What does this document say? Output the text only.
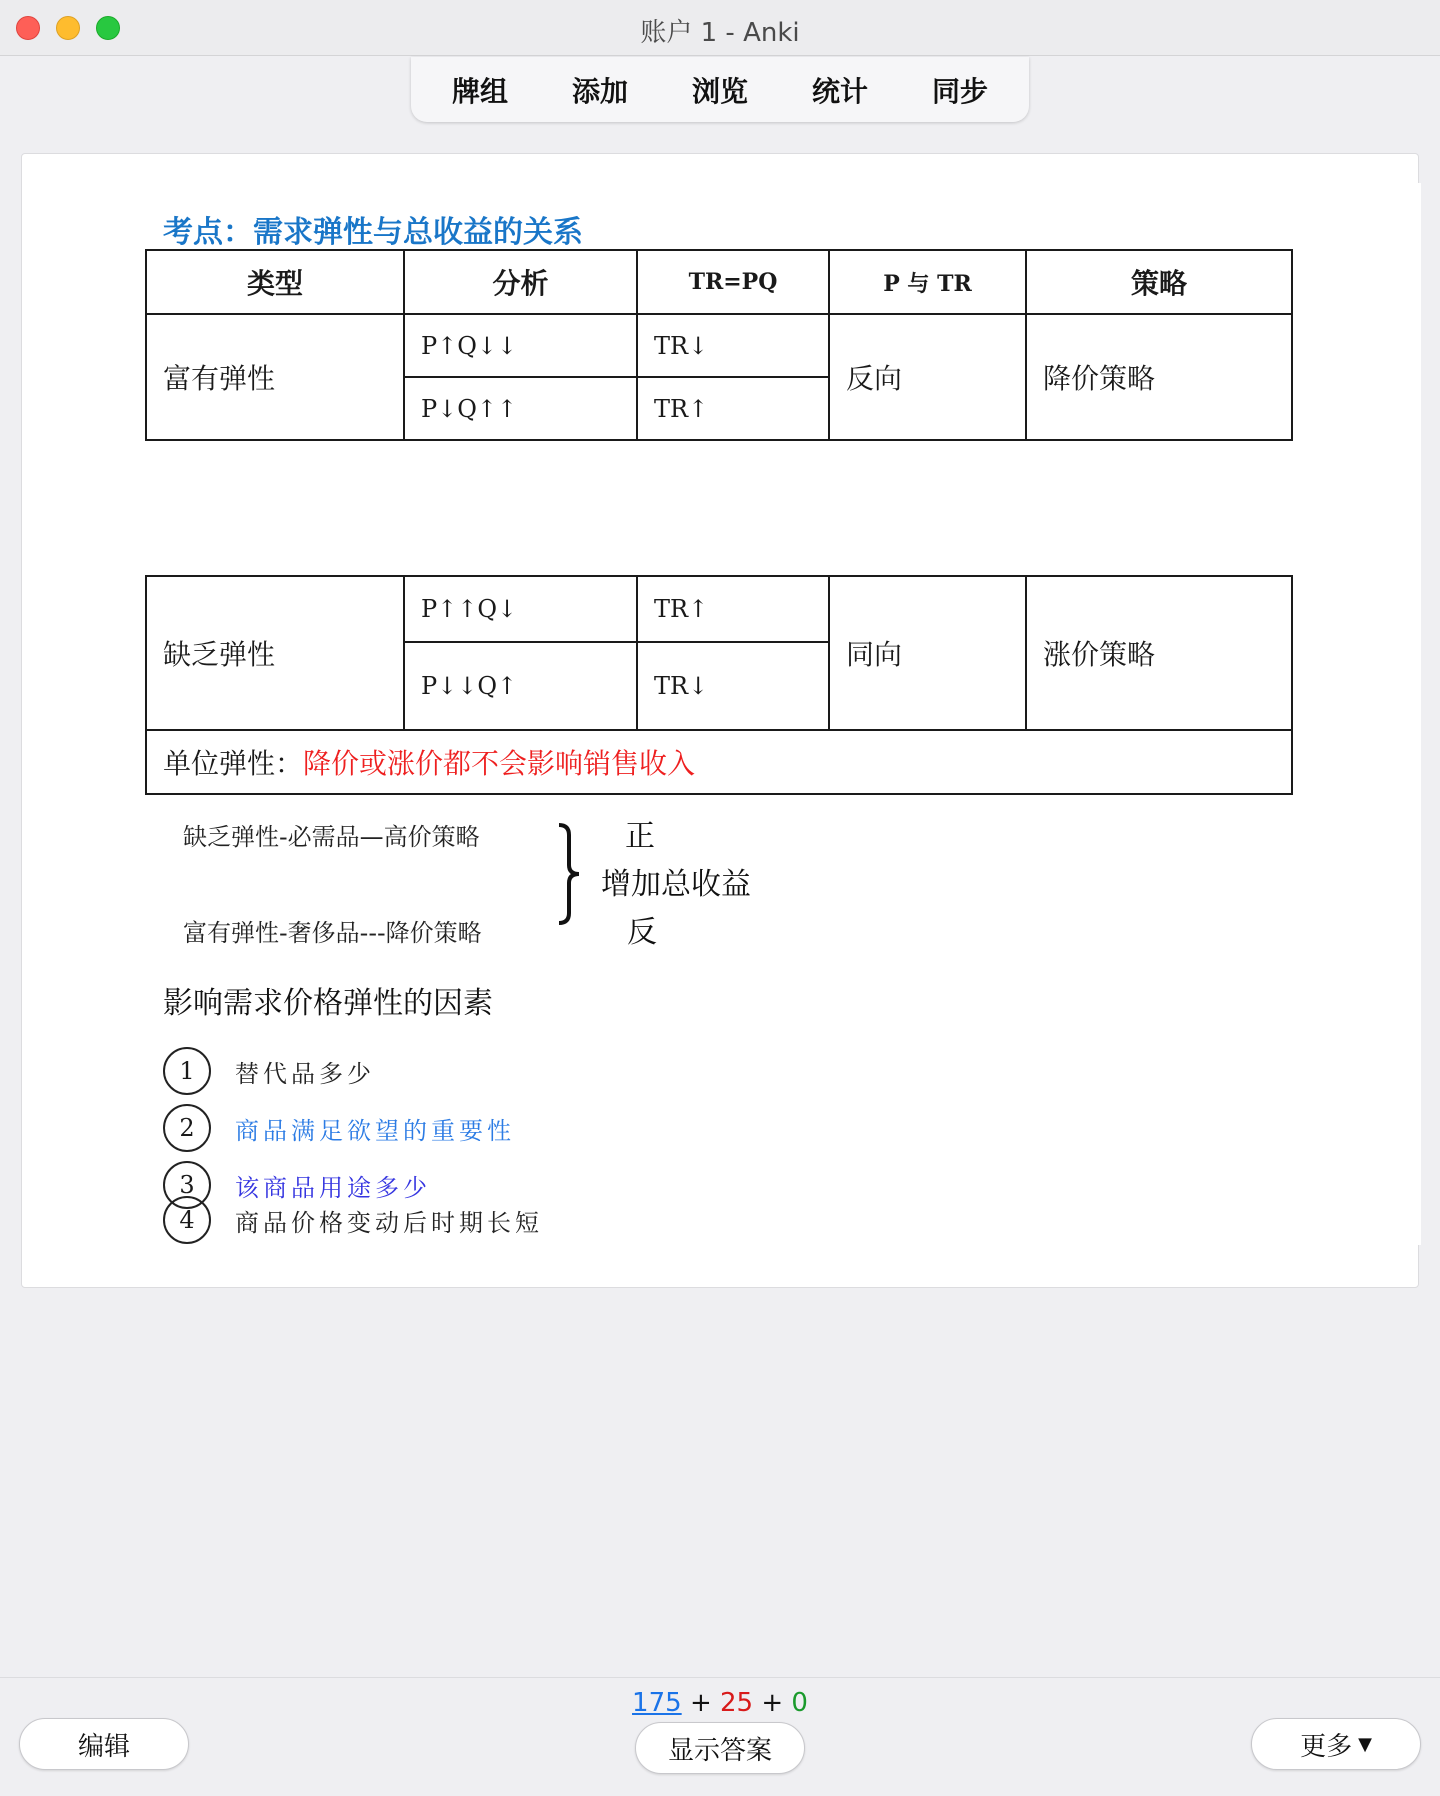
账户 1 - Anki
牌组	添加	浏览	统计	同步
考点：需求弹性与总收益的关系
类型	分析	TR=PQ	P 与 TR	策略
富有弹性	P↑Q↓↓	TR↓	反向	降价策略
	P↓Q↑↑	TR↑		
缺乏弹性	P↑↑Q↓	TR↑	同向	涨价策略
	P↓↓Q↑	TR↓		
单位弹性：降价或涨价都不会影响销售收入				
缺乏弹性-必需品—高价策略
富有弹性-奢侈品---降价策略
正
增加总收益
反
影响需求价格弹性的因素
1	替代品多少
2	商品满足欲望的重要性
3	该商品用途多少
4	商品价格变动后时期长短
175 + 25 + 0
编辑	显示答案	更多 ▼
